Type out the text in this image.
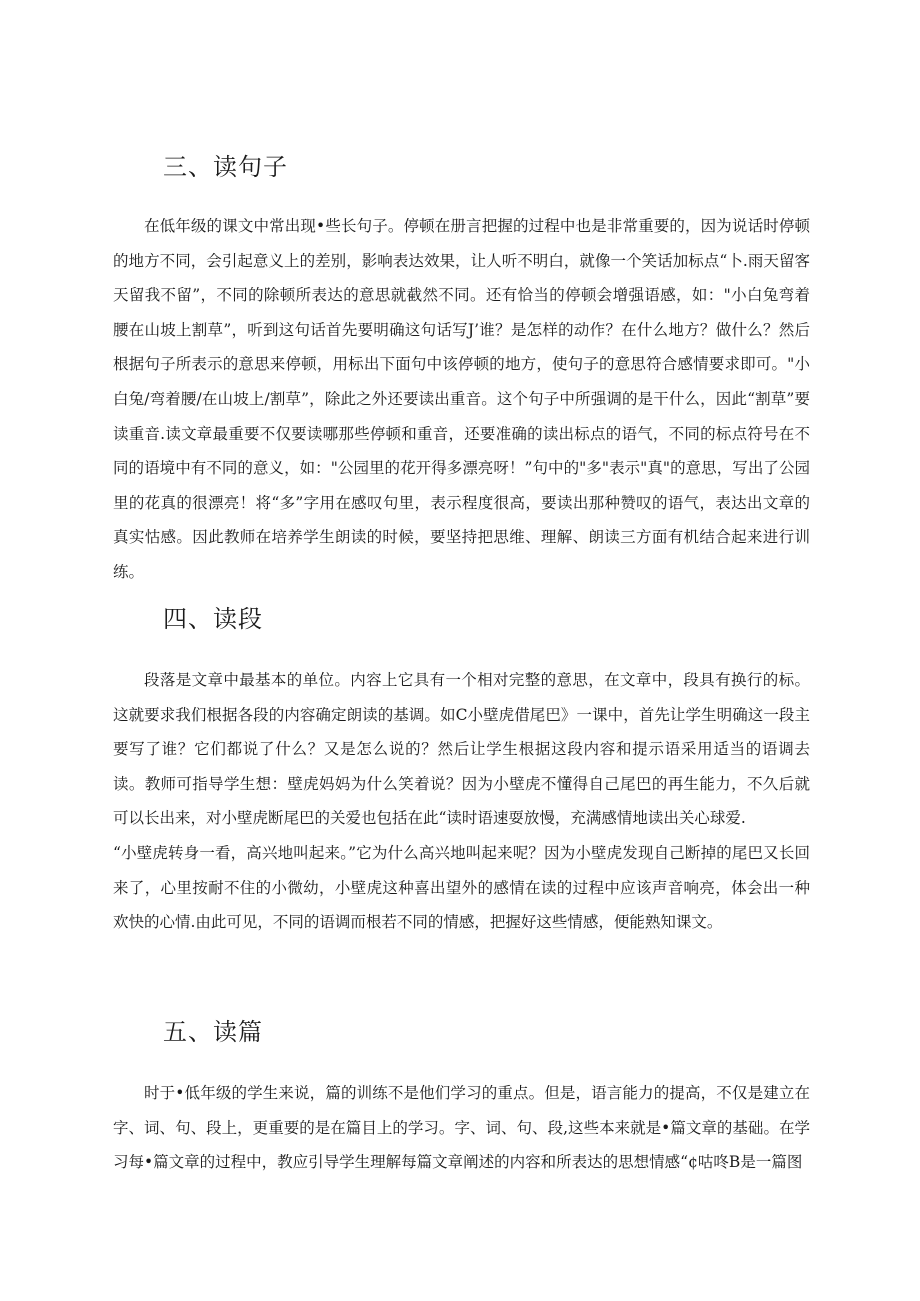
三、读句子

在低年级的课文中常出现•些长句子。停顿在册言把握的过程中也是非常重要的，因为说话时停顿的地方不同，会引起意义上的差别，影响表达效果，让人听不明白，就像一个笑话加标点“卜.雨天留客天留我不留”，不同的除顿所表达的意思就截然不同。还有恰当的停顿会增强语感，如："小白兔弯着腰在山坡上割草”，听到这句话首先要明确这句话写J’谁？是怎样的动作？在什么地方？做什么？然后根据句子所表示的意思来停顿，用标出下面句中该停顿的地方，使句子的意思符合感情要求即可。"小白兔/弯着腰/在山坡上/割草”，除此之外还要读出重音。这个句子中所强调的是干什么，因此“割草”要读重音.读文章最重要不仅要读哪那些停顿和重音，还要准确的读出标点的语气，不同的标点符号在不同的语境中有不同的意义，如："公园里的花开得多漂亮呀！”句中的"多"表示"真"的意思，写出了公园里的花真的很漂亮！将“多”字用在感叹句里，表示程度很高，要读出那种赞叹的语气，表达出文章的真实怙感。因此教师在培养学生朗读的时候，要坚持把思维、理解、朗读三方面有机结合起来进行训练。

四、读段

段落是文章中最基本的单位。内容上它具有一个相对完整的意思，在文章中，段具有换行的标。这就要求我们根据各段的内容确定朗读的基调。如C小壁虎借尾巴》一课中，首先让学生明确这一段主要写了谁？它们都说了什么？又是怎么说的？然后让学生根据这段内容和提示语采用适当的语调去读。教师可指导学生想：壁虎妈妈为什么笑着说？因为小壁虎不懂得自己尾巴的再生能力，不久后就可以长出来，对小壁虎断尾巴的关爱也包括在此“读时语速耍放慢，充满感情地读出关心球爱.

“小壁虎转身一看，高兴地叫起来。”它为什么高兴地叫起来呢？因为小壁虎发现自己断掉的尾巴又长回来了，心里按耐不住的小微幼，小壁虎这种喜出望外的感情在读的过程中应该声音响亮，体会出一种欢快的心情.由此可见，不同的语调而根若不同的情感，把握好这些情感，便能熟知课文。

五、读篇

时于•低年级的学生来说，篇的训练不是他们学习的重点。但是，语言能力的提高，不仅是建立在字、词、句、段上，更重要的是在篇目上的学习。字、词、句、段,这些本来就是•篇文章的基础。在学习每•篇文章的过程中，教应引导学生理解每篇文章阐述的内容和所表达的思想情感“¢咕咚B是一篇图
